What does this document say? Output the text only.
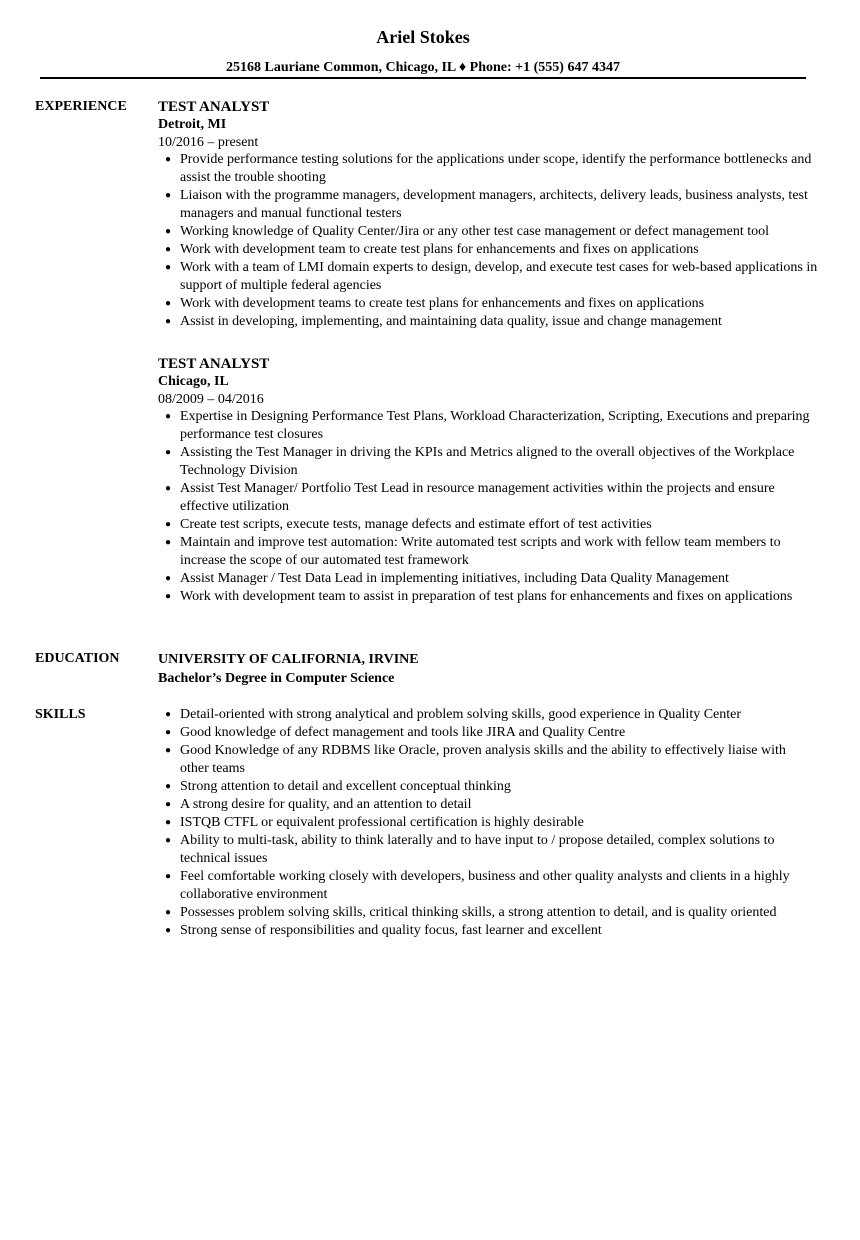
Ariel Stokes
25168 Lauriane Common, Chicago, IL ♦ Phone: +1 (555) 647 4347
EXPERIENCE TEST ANALYST
Detroit, MI
10/2016 – present
● Provide performance testing solutions for the applications under scope, identify the performance bottlenecks and assist the trouble shooting
● Liaison with the programme managers, development managers, architects, delivery leads, business analysts, test managers and manual functional testers
● Working knowledge of Quality Center/Jira or any other test case management or defect management tool
● Work with development team to create test plans for enhancements and fixes on applications
● Work with a team of LMI domain experts to design, develop, and execute test cases for web-based applications in support of multiple federal agencies
● Work with development teams to create test plans for enhancements and fixes on applications
● Assist in developing, implementing, and maintaining data quality, issue and change management
TEST ANALYST
Chicago, IL
08/2009 – 04/2016
● Expertise in Designing Performance Test Plans, Workload Characterization, Scripting, Executions and preparing performance test closures
● Assisting the Test Manager in driving the KPIs and Metrics aligned to the overall objectives of the Workplace Technology Division
● Assist Test Manager/ Portfolio Test Lead in resource management activities within the projects and ensure effective utilization
● Create test scripts, execute tests, manage defects and estimate effort of test activities
● Maintain and improve test automation: Write automated test scripts and work with fellow team members to increase the scope of our automated test framework
● Assist Manager / Test Data Lead in implementing initiatives, including Data Quality Management
● Work with development team to assist in preparation of test plans for enhancements and fixes on applications
EDUCATION	UNIVERSITY OF CALIFORNIA, IRVINE
Bachelor’s Degree in Computer Science
SKILLS	● Detail-oriented with strong analytical and problem solving skills, good experience in Quality Center
● Good knowledge of defect management and tools like JIRA and Quality Centre
● Good Knowledge of any RDBMS like Oracle, proven analysis skills and the ability to effectively liaise with other teams
● Strong attention to detail and excellent conceptual thinking
● A strong desire for quality, and an attention to detail
● ISTQB CTFL or equivalent professional certification is highly desirable
● Ability to multi-task, ability to think laterally and to have input to / propose detailed, complex solutions to technical issues
● Feel comfortable working closely with developers, business and other quality analysts and clients in a highly collaborative environment
● Possesses problem solving skills, critical thinking skills, a strong attention to detail, and is quality oriented
● Strong sense of responsibilities and quality focus, fast learner and excellent
